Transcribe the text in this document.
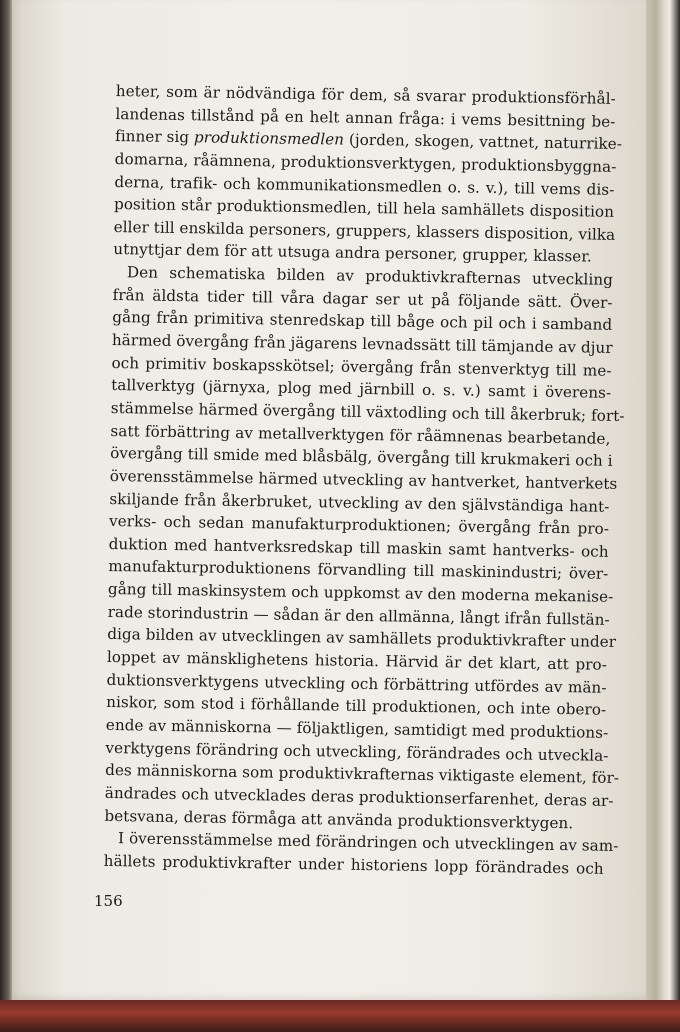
heter, som är nödvändiga för dem, så svarar produktionsförhål-
landenas tillstånd på en helt annan fråga: i vems besittning be-
finner sig produktionsmedlen (jorden, skogen, vattnet, naturrike-
domarna, råämnena, produktionsverktygen, produktionsbyggna-
derna, trafik- och kommunikationsmedlen o. s. v.), till vems dis-
position står produktionsmedlen, till hela samhällets disposition
eller till enskilda personers, gruppers, klassers disposition, vilka
utnyttjar dem för att utsuga andra personer, grupper, klasser.
Den schematiska bilden av produktivkrafternas utveckling
från äldsta tider till våra dagar ser ut på följande sätt. Över-
gång från primitiva stenredskap till båge och pil och i samband
härmed övergång från jägarens levnadssätt till tämjande av djur
och primitiv boskapsskötsel; övergång från stenverktyg till me-
tallverktyg (järnyxa, plog med järnbill o. s. v.) samt i överens-
stämmelse härmed övergång till växtodling och till åkerbruk; fort-
satt förbättring av metallverktygen för råämnenas bearbetande,
övergång till smide med blåsbälg, övergång till krukmakeri och i
överensstämmelse härmed utveckling av hantverket, hantverkets
skiljande från åkerbruket, utveckling av den självständiga hant-
verks- och sedan manufakturproduktionen; övergång från pro-
duktion med hantverksredskap till maskin samt hantverks- och
manufakturproduktionens förvandling till maskinindustri; över-
gång till maskinsystem och uppkomst av den moderna mekanise-
rade storindustrin — sådan är den allmänna, långt ifrån fullstän-
diga bilden av utvecklingen av samhällets produktivkrafter under
loppet av mänsklighetens historia. Härvid är det klart, att pro-
duktionsverktygens utveckling och förbättring utfördes av män-
niskor, som stod i förhållande till produktionen, och inte obero-
ende av människorna — följaktligen, samtidigt med produktions-
verktygens förändring och utveckling, förändrades och utveckla-
des människorna som produktivkrafternas viktigaste element, för-
ändrades och utvecklades deras produktionserfarenhet, deras ar-
betsvana, deras förmåga att använda produktionsverktygen.
I överensstämmelse med förändringen och utvecklingen av sam-
hällets produktivkrafter under historiens lopp förändrades och
156
